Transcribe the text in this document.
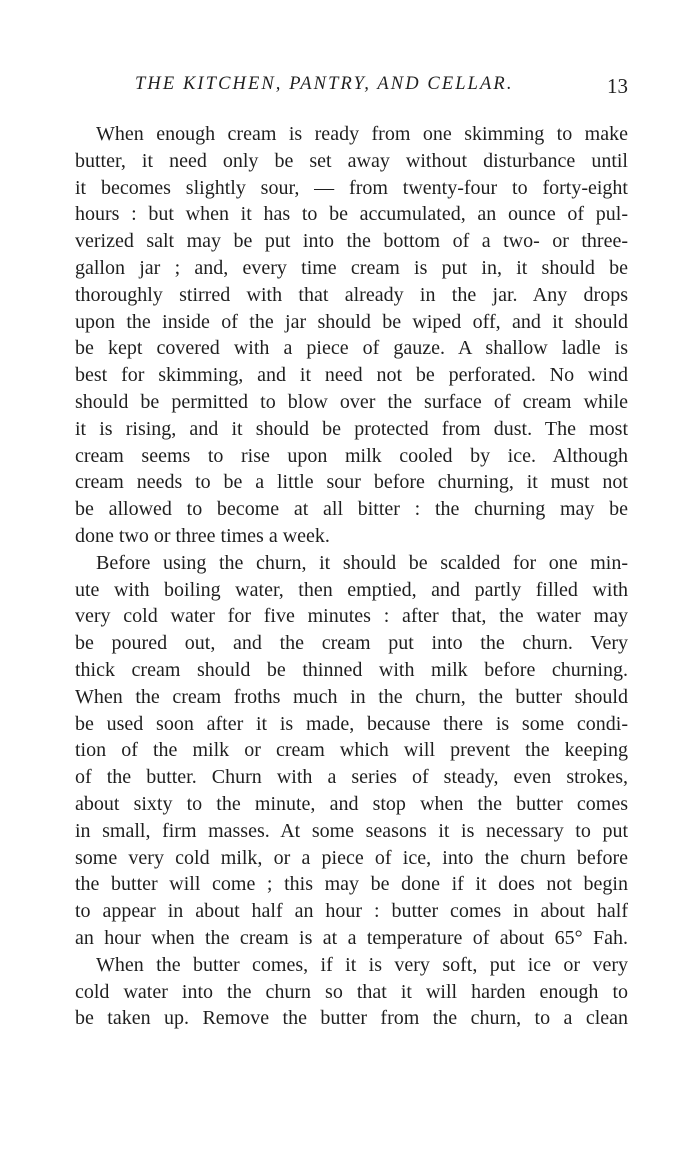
THE KITCHEN, PANTRY, AND CELLAR.	13
When enough cream is ready from one skimming to make
butter, it need only be set away without disturbance until
it becomes slightly sour, — from twenty-four to forty-eight
hours : but when it has to be accumulated, an ounce of pul-
verized salt may be put into the bottom of a two- or three-
gallon jar ; and, every time cream is put in, it should be
thoroughly stirred with that already in the jar. Any drops
upon the inside of the jar should be wiped off, and it should
be kept covered with a piece of gauze. A shallow ladle is
best for skimming, and it need not be perforated. No wind
should be permitted to blow over the surface of cream while
it is rising, and it should be protected from dust. The most
cream seems to rise upon milk cooled by ice. Although
cream needs to be a little sour before churning, it must not
be allowed to become at all bitter : the churning may be
done two or three times a week.
Before using the churn, it should be scalded for one min-
ute with boiling water, then emptied, and partly filled with
very cold water for five minutes : after that, the water may
be poured out, and the cream put into the churn. Very
thick cream should be thinned with milk before churning.
When the cream froths much in the churn, the butter should
be used soon after it is made, because there is some condi-
tion of the milk or cream which will prevent the keeping
of the butter. Churn with a series of steady, even strokes,
about sixty to the minute, and stop when the butter comes
in small, firm masses. At some seasons it is necessary to put
some very cold milk, or a piece of ice, into the churn before
the butter will come ; this may be done if it does not begin
to appear in about half an hour : butter comes in about half
an hour when the cream is at a temperature of about 65° Fah.
When the butter comes, if it is very soft, put ice or very
cold water into the churn so that it will harden enough to
be taken up. Remove the butter from the churn, to a clean
